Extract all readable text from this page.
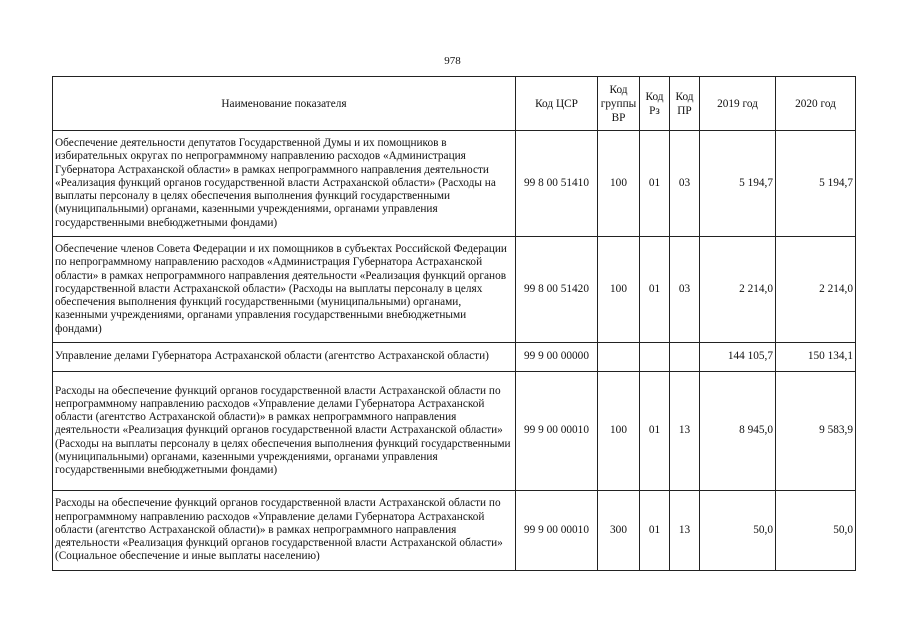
978
Наименование показателя	Код ЦСР	Код группы ВР	Код Рз	Код ПР	2019 год	2020 год
Обеспечение деятельности депутатов Государственной Думы и их помощников в избирательных округах по непрограммному направлению расходов «Администрация Губернатора Астраханской области» в рамках непрограммного направления деятельности «Реализация функций органов государственной власти Астраханской области» (Расходы на выплаты персоналу в целях обеспечения выполнения функций государственными (муниципальными) органами, казенными учреждениями, органами управления государственными внебюджетными фондами)	99 8 00 51410	100	01	03	5 194,7	5 194,7
Обеспечение членов Совета Федерации и их помощников в субъектах Российской Федерации по непрограммному направлению расходов «Администрация Губернатора Астраханской области» в рамках непрограммного направления деятельности «Реализация функций органов государственной власти Астраханской области» (Расходы на выплаты персоналу в целях обеспечения выполнения функций государственными (муниципальными) органами, казенными учреждениями, органами управления государственными внебюджетными фондами)	99 8 00 51420	100	01	03	2 214,0	2 214,0
Управление делами Губернатора Астраханской области (агентство Астраханской области)	99 9 00 00000				144 105,7	150 134,1
Расходы на обеспечение функций органов государственной власти Астраханской области по непрограммному направлению расходов «Управление делами Губернатора Астраханской области (агентство Астраханской области)» в рамках непрограммного направления деятельности «Реализация функций органов государственной власти Астраханской области» (Расходы на выплаты персоналу в целях обеспечения выполнения функций государственными (муниципальными) органами, казенными учреждениями, органами управления государственными внебюджетными фондами)	99 9 00 00010	100	01	13	8 945,0	9 583,9
Расходы на обеспечение функций органов государственной власти Астраханской области по непрограммному направлению расходов «Управление делами Губернатора Астраханской области (агентство Астраханской области)» в рамках непрограммного направления деятельности «Реализация функций органов государственной власти Астраханской области» (Социальное обеспечение и иные выплаты населению)	99 9 00 00010	300	01	13	50,0	50,0
